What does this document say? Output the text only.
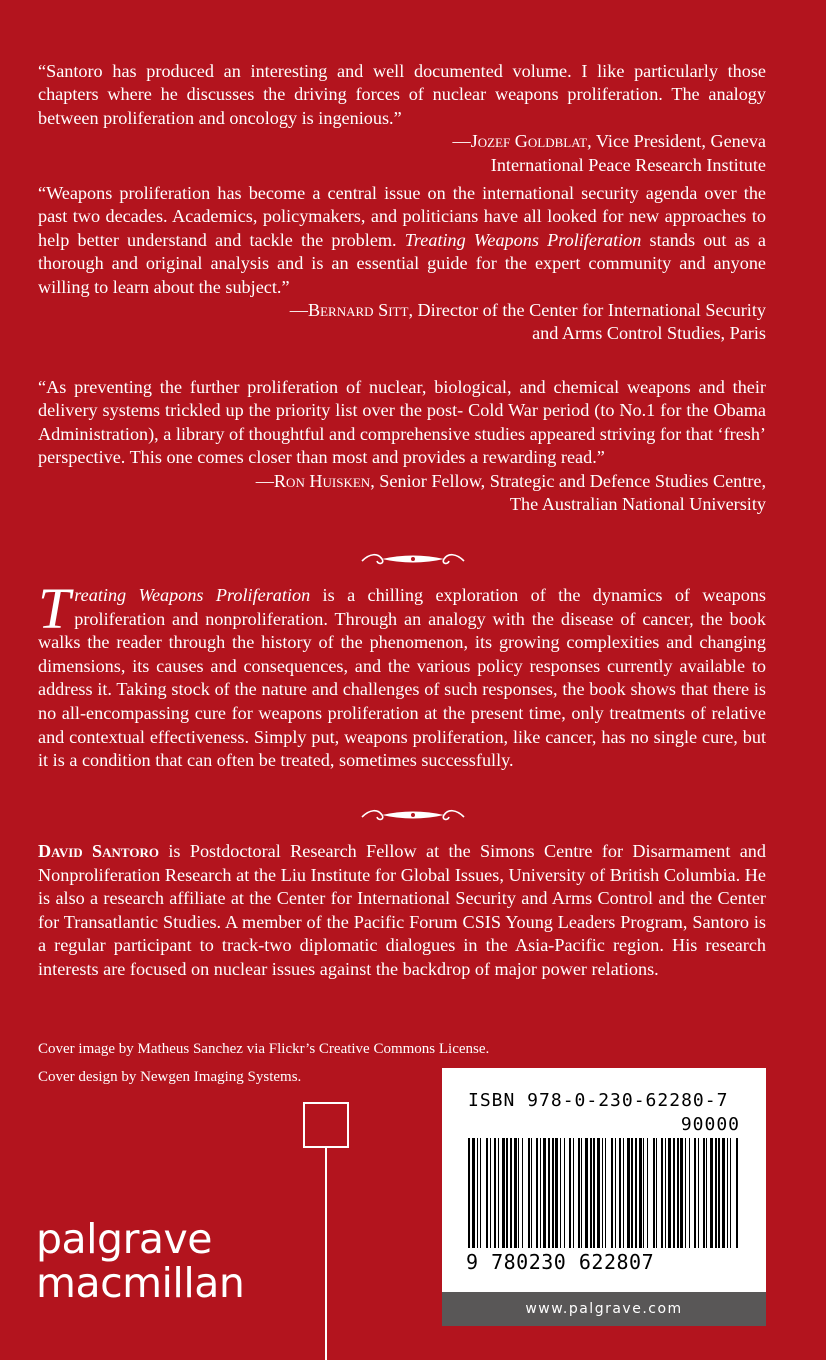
“Santoro has produced an interesting and well documented volume. I like particularly those chapters where he discusses the driving forces of nuclear weapons proliferation. The analogy between proliferation and oncology is ingenious.”

—Jozef Goldblat, Vice President, Geneva
International Peace Research Institute

“Weapons proliferation has become a central issue on the international security agenda over the past two decades. Academics, policymakers, and politicians have all looked for new approaches to help better understand and tackle the problem. Treating Weapons Proliferation stands out as a thorough and original analysis and is an essential guide for the expert community and anyone willing to learn about the subject.”

—Bernard Sitt, Director of the Center for International Security
and Arms Control Studies, Paris

“As preventing the further proliferation of nuclear, biological, and chemical weapons and their delivery systems trickled up the priority list over the post- Cold War period (to No.1 for the Obama Administration), a library of thoughtful and comprehensive studies appeared striving for that ‘fresh’ perspective. This one comes closer than most and provides a rewarding read.”

—Ron Huisken, Senior Fellow, Strategic and Defence Studies Centre,
The Australian National University

Treating Weapons Proliferation is a chilling exploration of the dynamics of weapons proliferation and nonproliferation. Through an analogy with the disease of cancer, the book walks the reader through the history of the phenomenon, its growing complexities and changing dimensions, its causes and consequences, and the various policy responses currently available to address it. Taking stock of the nature and challenges of such responses, the book shows that there is no all-encompassing cure for weapons proliferation at the present time, only treatments of relative and contextual effectiveness. Simply put, weapons proliferation, like cancer, has no single cure, but it is a condition that can often be treated, sometimes successfully.

David Santoro is Postdoctoral Research Fellow at the Simons Centre for Disarmament and Nonproliferation Research at the Liu Institute for Global Issues, University of British Columbia. He is also a research affiliate at the Center for International Security and Arms Control and the Center for Transatlantic Studies. A member of the Pacific Forum CSIS Young Leaders Program, Santoro is a regular participant to track-two diplomatic dialogues in the Asia-Pacific region. His research interests are focused on nuclear issues against the backdrop of major power relations.

Cover image by Matheus Sanchez via Flickr’s Creative Commons License.
Cover design by Newgen Imaging Systems.
palgrave
macmillan
ISBN 978-0-230-62280-7
90000
9 780230 622807
www.palgrave.com
